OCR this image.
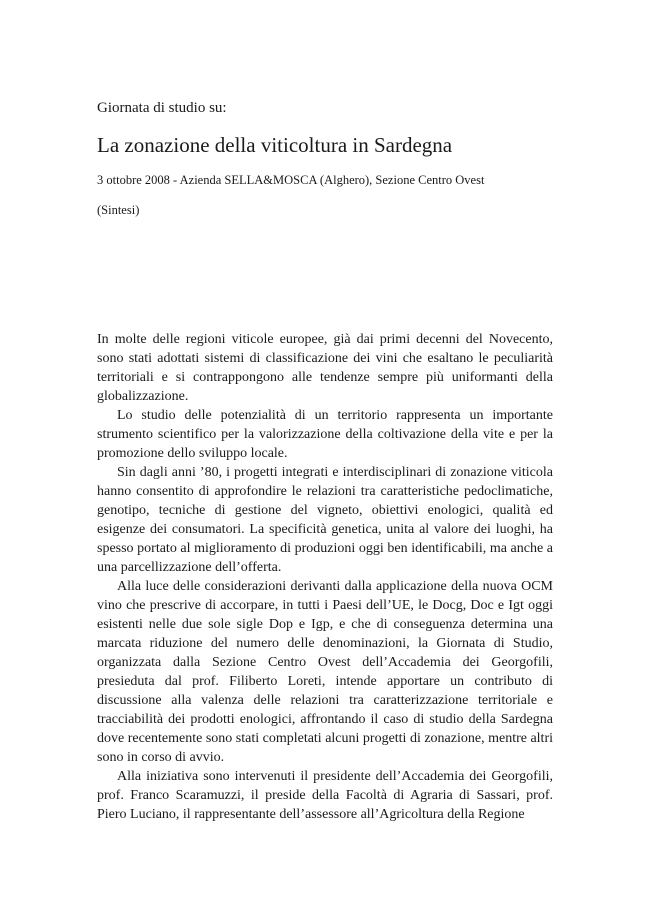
Giornata di studio su:

La zonazione della viticoltura in Sardegna

3 ottobre 2008 - Azienda SELLA&MOSCA (Alghero), Sezione Centro Ovest

(Sintesi)

In molte delle regioni viticole europee, già dai primi decenni del Novecento, sono stati adottati sistemi di classificazione dei vini che esaltano le peculiarità territoriali e si contrappongono alle tendenze sempre più uniformanti della globalizzazione.

Lo studio delle potenzialità di un territorio rappresenta un importante strumento scientifico per la valorizzazione della coltivazione della vite e per la promozione dello sviluppo locale.

Sin dagli anni ’80, i progetti integrati e interdisciplinari di zonazione viticola hanno consentito di approfondire le relazioni tra caratteristiche pedoclimatiche, genotipo, tecniche di gestione del vigneto, obiettivi enologici, qualità ed esigenze dei consumatori. La specificità genetica, unita al valore dei luoghi, ha spesso portato al miglioramento di produzioni oggi ben identificabili, ma anche a una parcellizzazione dell’offerta.

Alla luce delle considerazioni derivanti dalla applicazione della nuova OCM vino che prescrive di accorpare, in tutti i Paesi dell’UE, le Docg, Doc e Igt oggi esistenti nelle due sole sigle Dop e Igp, e che di conseguenza determina una marcata riduzione del numero delle denominazioni, la Giornata di Studio, organizzata dalla Sezione Centro Ovest dell’Accademia dei Georgofili, presieduta dal prof. Filiberto Loreti, intende apportare un contributo di discussione alla valenza delle relazioni tra caratterizzazione territoriale e tracciabilità dei prodotti enologici, affrontando il caso di studio della Sardegna dove recentemente sono stati completati alcuni progetti di zonazione, mentre altri sono in corso di avvio.

Alla iniziativa sono intervenuti il presidente dell’Accademia dei Georgofili, prof. Franco Scaramuzzi, il preside della Facoltà di Agraria di Sassari, prof. Piero Luciano, il rappresentante dell’assessore all’Agricoltura della Regione
